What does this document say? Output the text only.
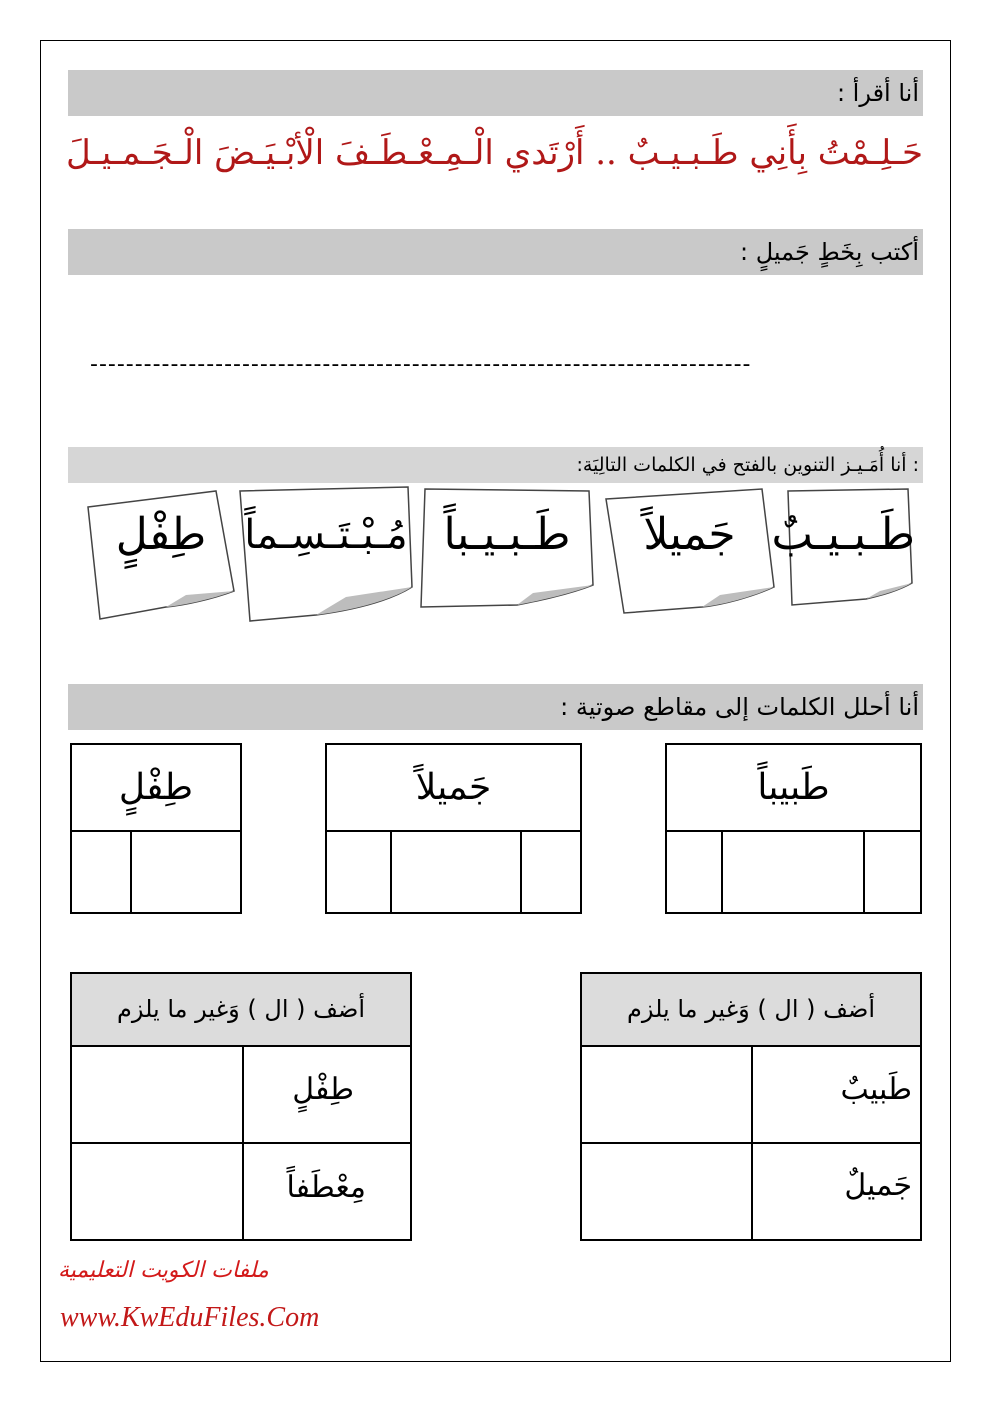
أنا أقرأ :
حَـلِـمْتُ بِأَنِي طَـبـيـبٌ .. أَرْتَدي الْـمِـعْـطَـفَ الْأبْـيَـضَ الْـجَـمـيـلَ
أكتب بِخَطٍ جَميلٍ :
--------------------------------------------------------------------------
: أنا أُمَـيـز التنوين بالفتح في الكلمات التالِيَة:
طَـبـيـبٌ
جَميلاً
طَـبـيـباً
مُـبْـتَـسِـماً
طِفْلٍ
أنا أحلل الكلمات إلى مقاطع صوتية :
طَبيباً
جَميلاً
طِفْلٍ
أضف ( ال ) وَغير ما يلزم
طَبيبٌ
جَميلٌ
أضف ( ال ) وَغير ما يلزم
طِفْلٍ
مِعْطَفاً
ملفات الكويت التعليمية
www.KwEduFiles.Com
